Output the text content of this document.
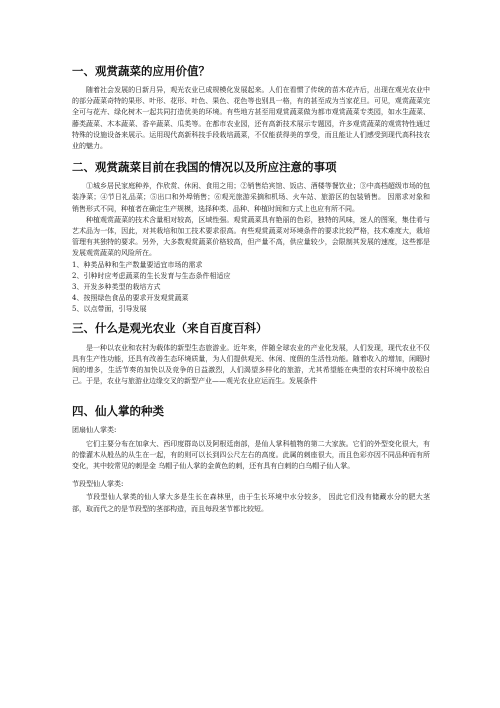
一、观赏蔬菜的应用价值？

随着社会发展的日新月异，观光农业已成规模化发展起来。人们在看惯了传统的苗木花卉后，出现在观光农业中的部分蔬菜奇特的果形、叶形、花形、叶色、果色、花色等也别具一格，有的甚至成为当家花旦。可见，观赏蔬菜完全可与花卉、绿化树木一起共同打造优美的环境。有些地方甚至用观赏蔬菜做为都市观赏蔬菜专类园，如水生蔬菜、藤类蔬菜、木本蔬菜、香辛蔬菜、瓜类等。在都市农业园，还有高新技术展示专题园，许多观赏蔬菜的观赏特性通过特殊的设施设备来展示。运用现代高新科技手段栽培蔬菜，不仅能获得美的享受，而且能让人们感受到现代高科技农业的魅力。

二、观赏蔬菜目前在我国的情况以及所应注意的事项

①城乡居民家庭种养，作欣赏、休闲、食用之用；②销售给宾馆、饭店、酒楼等餐饮业；③中高档超级市场的包装净菜；④节日礼品菜；⑤出口和外埠销售；⑥观光旅游采摘和机场、火车站、旅游区的包装销售。 因需求对象和销售形式不同，种植者在确定生产规模，选择种类、品种、种植时间和方式上也应有所不同。

种植观赏蔬菜的技术含量相对较高，区域性强。观赏蔬菜具有艳丽的色彩，独特的风味，迷人的图案，集佳肴与艺术品为一体，因此，对其栽培和加工技术要求很高。有些观赏蔬菜对环境条件的要求比较严格，技术难度大，栽培管理有其独特的要求。另外，大多数观赏蔬菜价格较高，但产量不高，供应量较少，会限制其发展的速度，这些都是发展观赏蔬菜的风险所在。

1、种类品种和生产数量要适宜市场的需求

2、引种时应考虑蔬菜的生长发育与生态条件相适应

3、开发多种类型的栽培方式

4、按照绿色食品的要求开发观赏蔬菜

5、以点带面，引导发展

三、什么是观光农业（来自百度百科）

是一种以农业和农村为载体的新型生态旅游业。近年来，伴随全球农业的产业化发展，人们发现，现代农业不仅具有生产性功能，还具有改善生态环境质量，为人们提供观光、休闲、度假的生活性功能。随着收入的增加，闲暇时间的增多，生活节奏的加快以及竞争的日益激烈，人们渴望多样化的旅游，尤其希望能在典型的农村环境中放松自己。于是，农业与旅游业边缘交叉的新型产业——观光农业应运而生。发展条件

四、仙人掌的种类

团扇仙人掌类:

它们主要分布在加拿大、西印度群岛以及阿根廷南部，是仙人掌科植物的第二大家族。它们的外型变化很大，有的像灌木从般丛的从生在一起，有的则可以长到四公尺左右的高度。此属的刺座很大，而且色彩亦因不同品种而有所变化，其中较常见的刺是金 乌帽子仙人掌的金黄色的刺，还有具有白刺的白乌帽子仙人掌。

节段型仙人掌类:

节段型仙人掌类的仙人掌大多是生长在森林里，由于生长环境中水分较多， 因此它们没有储藏水分的肥大茎部，取而代之的是节段型的茎部构造，而且每段茎节都比较短。
